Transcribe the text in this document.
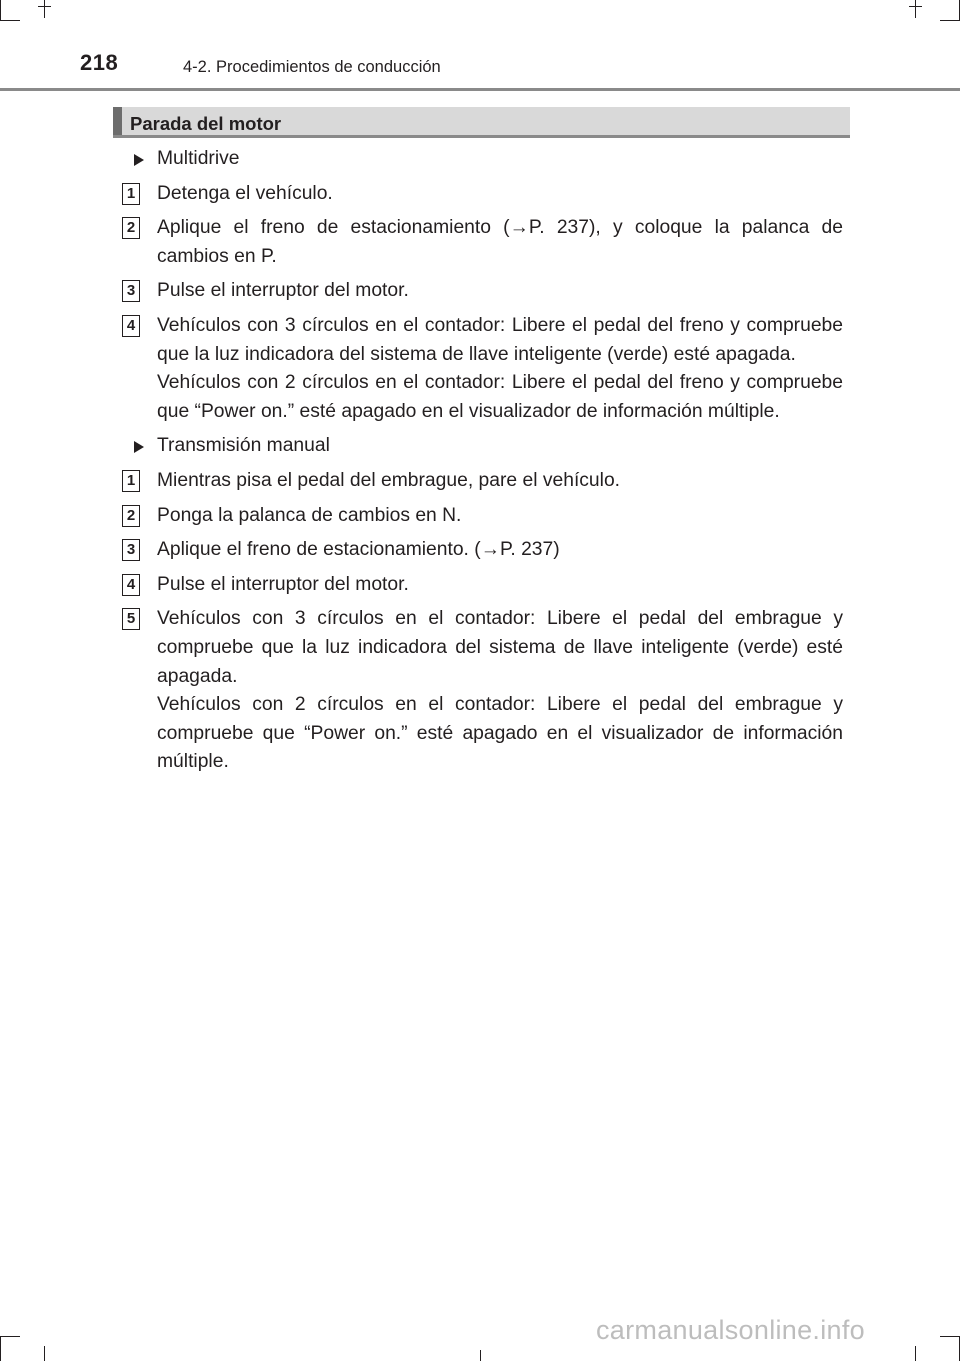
218	4-2. Procedimientos de conducción
Parada del motor
Multidrive
1 Detenga el vehículo.

2 Aplique el freno de estacionamiento (→P. 237), y coloque la palanca de cambios en P.

3 Pulse el interruptor del motor.

4 Vehículos con 3 círculos en el contador: Libere el pedal del freno y compruebe que la luz indicadora del sistema de llave inteligente (verde) esté apagada.

Vehículos con 2 círculos en el contador: Libere el pedal del freno y compruebe que “Power on.” esté apagado en el visualizador de información múltiple.

Transmisión manual
1 Mientras pisa el pedal del embrague, pare el vehículo.

2 Ponga la palanca de cambios en N.

3 Aplique el freno de estacionamiento. (→P. 237)

4 Pulse el interruptor del motor.

5 Vehículos con 3 círculos en el contador: Libere el pedal del embrague y compruebe que la luz indicadora del sistema de llave inteligente (verde) esté apagada.

Vehículos con 2 círculos en el contador: Libere el pedal del embrague y compruebe que “Power on.” esté apagado en el visualizador de información múltiple.

carmanualsonline.info
